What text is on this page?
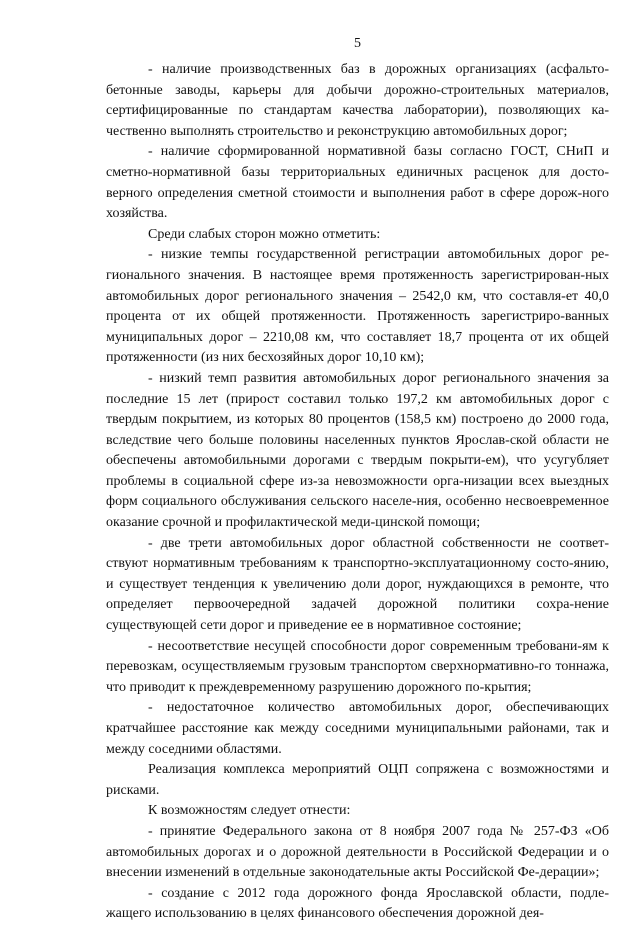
5

- наличие производственных баз в дорожных организациях (асфальто-бетонные заводы, карьеры для добычи дорожно-строительных материалов, сертифицированные по стандартам качества лаборатории), позволяющих ка-чественно выполнять строительство и реконструкцию автомобильных дорог;

- наличие сформированной нормативной базы согласно ГОСТ, СНиП и сметно-нормативной базы территориальных единичных расценок для досто-верного определения сметной стоимости и выполнения работ в сфере дорож-ного хозяйства.

Среди слабых сторон можно отметить:

- низкие темпы государственной регистрации автомобильных дорог ре-гионального значения. В настоящее время протяженность зарегистрирован-ных автомобильных дорог регионального значения – 2542,0 км, что составля-ет 40,0 процента от их общей протяженности. Протяженность зарегистриро-ванных муниципальных дорог – 2210,08 км, что составляет 18,7 процента от их общей протяженности (из них бесхозяйных дорог 10,10 км);

- низкий темп развития автомобильных дорог регионального значения за последние 15 лет (прирост составил только 197,2 км автомобильных дорог с твердым покрытием, из которых 80 процентов (158,5 км) построено до 2000 года, вследствие чего больше половины населенных пунктов Ярослав-ской области не обеспечены автомобильными дорогами с твердым покрыти-ем), что усугубляет проблемы в социальной сфере из-за невозможности орга-низации всех выездных форм социального обслуживания сельского населе-ния, особенно несвоевременное оказание срочной и профилактической меди-цинской помощи;

- две трети автомобильных дорог областной собственности не соответ-ствуют нормативным требованиям к транспортно-эксплуатационному состо-янию, и существует тенденция к увеличению доли дорог, нуждающихся в ремонте, что определяет первоочередной задачей дорожной политики сохра-нение существующей сети дорог и приведение ее в нормативное состояние;

- несоответствие несущей способности дорог современным требовани-ям к перевозкам, осуществляемым грузовым транспортом сверхнормативно-го тоннажа, что приводит к преждевременному разрушению дорожного по-крытия;

- недостаточное количество автомобильных дорог, обеспечивающих кратчайшее расстояние как между соседними муниципальными районами, так и между соседними областями.

Реализация комплекса мероприятий ОЦП сопряжена с возможностями и рисками.

К возможностям следует отнести:

- принятие Федерального закона от 8 ноября 2007 года № 257-ФЗ «Об автомобильных дорогах и о дорожной деятельности в Российской Федерации и о внесении изменений в отдельные законодательные акты Российской Фе-дерации»;

- создание с 2012 года дорожного фонда Ярославской области, подле-жащего использованию в целях финансового обеспечения дорожной дея-
